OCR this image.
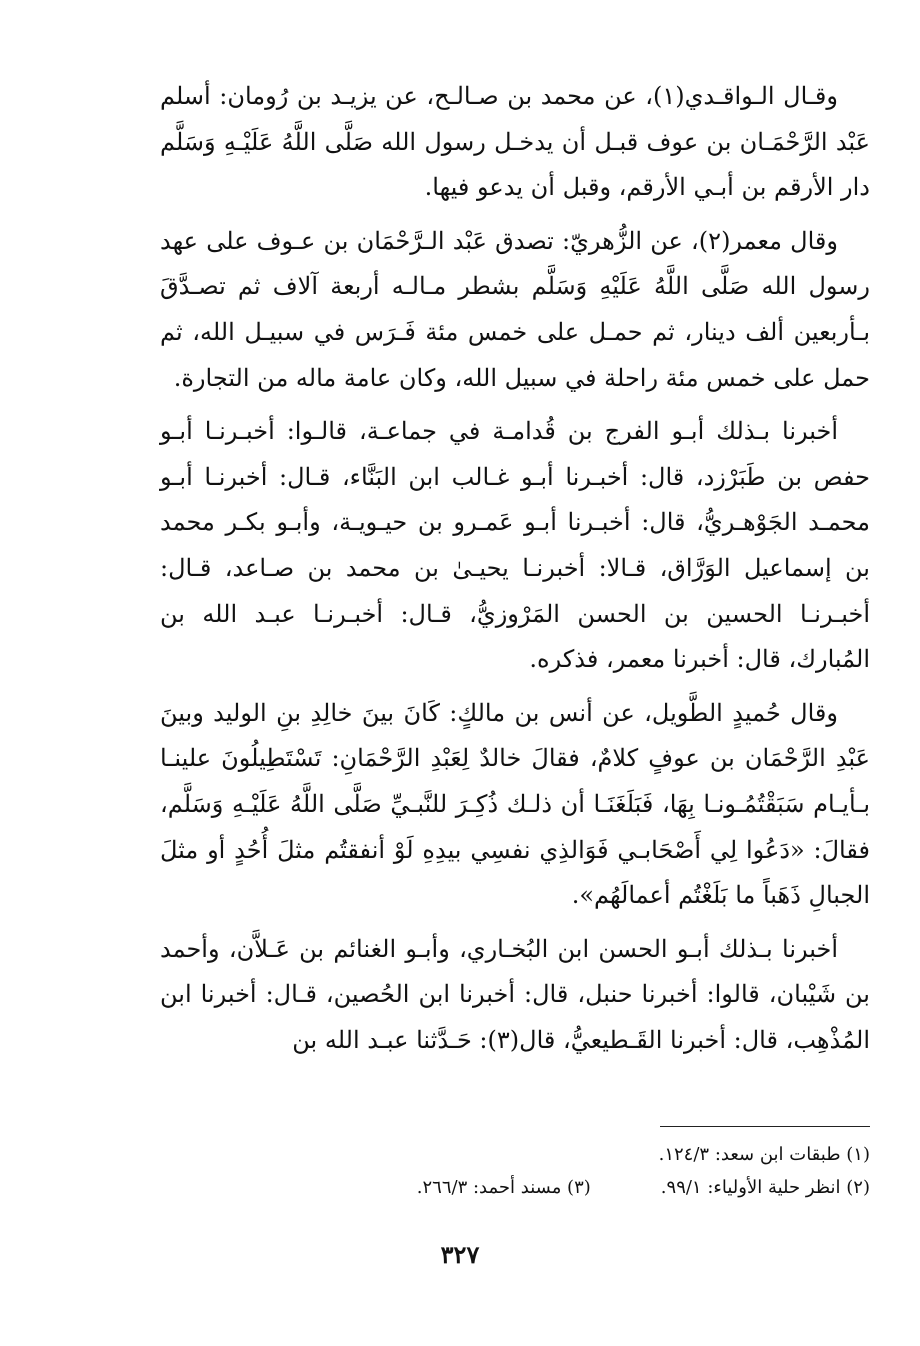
وقـال الـواقـدي(١)، عن محمد بن صـالـح، عن يزيـد بن رُومان: أسلم عَبْد الرَّحْمَـان بن عوف قبـل أن يدخـل رسول الله صَلَّى اللَّهُ عَلَيْـهِ وَسَلَّم دار الأرقم بن أبـي الأرقم، وقبل أن يدعو فيها.

وقال معمر(٢)، عن الزُّهريّ: تصدق عَبْد الـرَّحْمَان بن عـوف على عهد رسول الله صَلَّى اللَّهُ عَلَيْهِ وَسَلَّم بشطر مـالـه أربعة آلاف ثم تصـدَّقَ بـأربعين ألف دينار، ثم حمـل على خمس مئة فَـرَس في سبيـل الله، ثم حمل على خمس مئة راحلة في سبيل الله، وكان عامة ماله من التجارة.

أخبرنا بـذلك أبـو الفرج بن قُدامـة في جماعـة، قالـوا: أخبـرنـا أبـو حفص بن طَبَرْزد، قال: أخبـرنا أبـو غـالب ابن البَنَّاء، قـال: أخبرنـا أبـو محمـد الجَوْهـريُّ، قال: أخبـرنا أبـو عَمـرو بن حيـويـة، وأبـو بكـر محمد بن إسماعيل الوَرَّاق، قـالا: أخبرنـا يحيـىٰ بن محمد بن صـاعد، قـال: أخبـرنـا الحسين بن الحسن المَرْوزيُّ، قـال: أخبـرنـا عبـد الله بن المُبارك، قال: أخبرنا معمر، فذكره.

وقال حُميدٍ الطَّويل، عن أنس بن مالكٍ: كَانَ بينَ خالِدِ بنِ الوليد وبينَ عَبْدِ الرَّحْمَان بن عوفٍ كلامٌ، فقالَ خالدٌ لِعَبْدِ الرَّحْمَانِ: تَسْتَطِيلُونَ علينـا بـأيـام سَبَقْتُمُـونـا بِهَا، فَبَلَغَنَـا أن ذلـك ذُكِـرَ للنَّبـيِّ صَلَّى اللَّهُ عَلَيْـهِ وَسَلَّم، فقالَ: «دَعُوا لِي أَصْحَابـي فَوَالذِي نفسِي بيدِهِ لَوْ أنفقتُم مثلَ أُحُدٍ أو مثلَ الجبالِ ذَهَباً ما بَلَغْتُم أعمالَهُم».

أخبرنا بـذلك أبـو الحسن ابن البُخـاري، وأبـو الغنائم بن عَـلاَّن، وأحمد بن شَيْبان، قالوا: أخبرنا حنبل، قال: أخبرنا ابن الحُصين، قـال: أخبرنا ابن المُذْهِب، قال: أخبرنا القَـطيعيُّ، قال(٣): حَـدَّثنا عبـد الله بن

(١) طبقات ابن سعد: ١٢٤/٣.
(٢) انظر حلية الأولياء: ٩٩/١.
(٣) مسند أحمد: ٢٦٦/٣.
٣٢٧
